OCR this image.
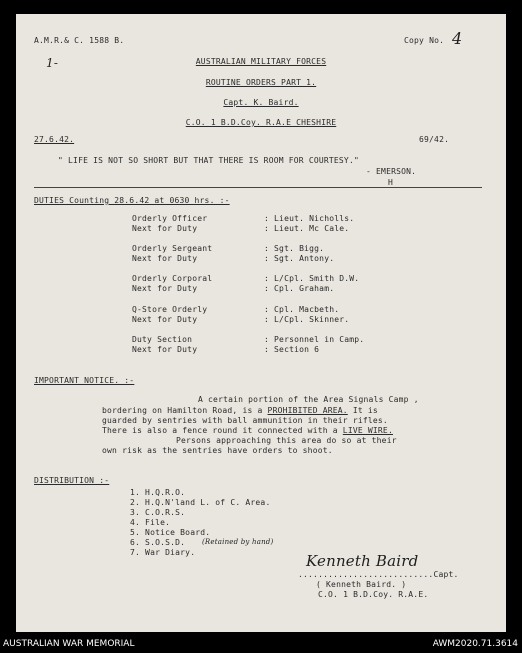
A.M.R.& C. 1588 B.	Copy No. 4
1-	AUSTRALIAN MILITARY FORCES
ROUTINE ORDERS PART 1.
Capt. K. Baird.
C.O. 1 B.D.Coy. R.A.E CHESHIRE
27.6.42.	69/42.
" LIFE IS NOT SO SHORT BUT THAT THERE IS ROOM FOR COURTESY."
- EMERSON.
H
DUTIES Counting 28.6.42 at 0630 hrs. :-
Orderly Officer	: Lieut. Nicholls.
Next for Duty	: Lieut. Mc Cale.
Orderly Sergeant	: Sgt. Bigg.
Next for Duty	: Sgt. Antony.
Orderly Corporal	: L/Cpl. Smith D.W.
Next for Duty	: Cpl. Graham.
Q-Store Orderly	: Cpl. Macbeth.
Next for Duty	: L/Cpl. Skinner.
Duty Section	: Personnel in Camp.
Next for Duty	: Section 6
IMPORTANT NOTICE. :-
A certain portion of the Area Signals Camp ,
bordering on Hamilton Road, is a PROHIBITED AREA. It is
guarded by sentries with ball ammunition in their rifles.
There is also a fence round it connected with a LIVE WIRE.
Persons approaching this area do so at their
own risk as the sentries have orders to shoot.
DISTRIBUTION :-
1. H.Q.R.O.
2. H.Q.N'land L. of C. Area.
3. C.O.R.S.
4. File.
5. Notice Board.
6. S.O.S.D. (Retained by hand)
7. War Diary.	Kenneth Baird
...........................Capt.
( Kenneth Baird. )
C.O. 1 B.D.Coy. R.A.E.
AUSTRALIAN WAR MEMORIAL	AWM2020.71.3614
